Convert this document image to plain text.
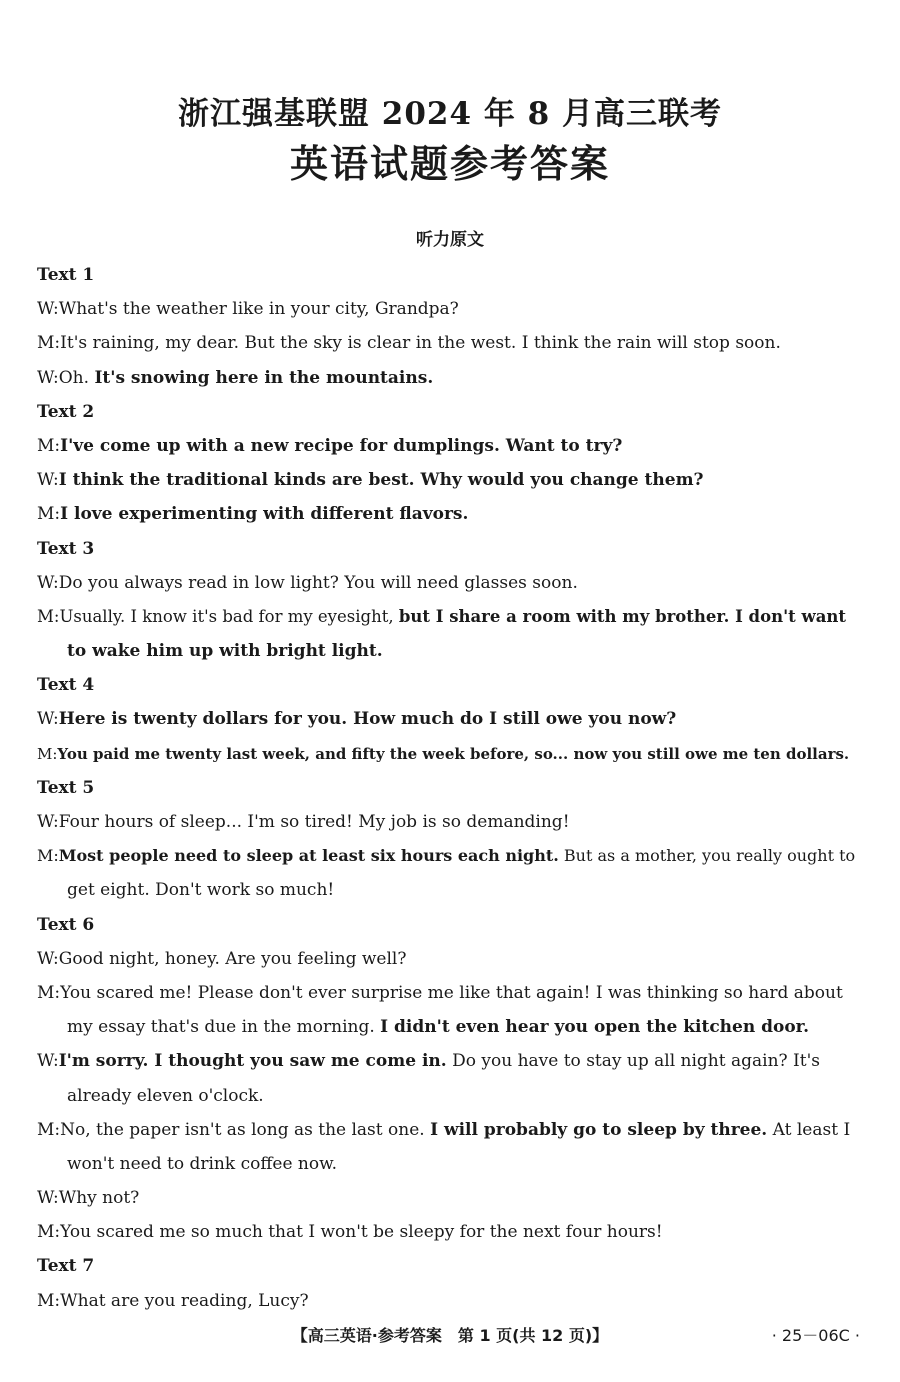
浙江强基联盟 2024 年 8 月高三联考
英语试题参考答案
听力原文
Text 1
W:What's the weather like in your city, Grandpa?
M:It's raining, my dear. But the sky is clear in the west. I think the rain will stop soon.
W:Oh. It's snowing here in the mountains.
Text 2
M:I've come up with a new recipe for dumplings. Want to try?
W:I think the traditional kinds are best. Why would you change them?
M:I love experimenting with different flavors.
Text 3
W:Do you always read in low light? You will need glasses soon.
M:Usually. I know it's bad for my eyesight, but I share a room with my brother. I don't want
to wake him up with bright light.
Text 4
W:Here is twenty dollars for you. How much do I still owe you now?
M:You paid me twenty last week, and fifty the week before, so... now you still owe me ten dollars.
Text 5
W:Four hours of sleep... I'm so tired! My job is so demanding!
M:Most people need to sleep at least six hours each night. But as a mother, you really ought to
get eight. Don't work so much!
Text 6
W:Good night, honey. Are you feeling well?
M:You scared me! Please don't ever surprise me like that again! I was thinking so hard about
my essay that's due in the morning. I didn't even hear you open the kitchen door.
W:I'm sorry. I thought you saw me come in. Do you have to stay up all night again? It's
already eleven o'clock.
M:No, the paper isn't as long as the last one. I will probably go to sleep by three. At least I
won't need to drink coffee now.
W:Why not?
M:You scared me so much that I won't be sleepy for the next four hours!
Text 7
M:What are you reading, Lucy?
【高三英语·参考答案　第 1 页(共 12 页)】	· 25－06C ·
